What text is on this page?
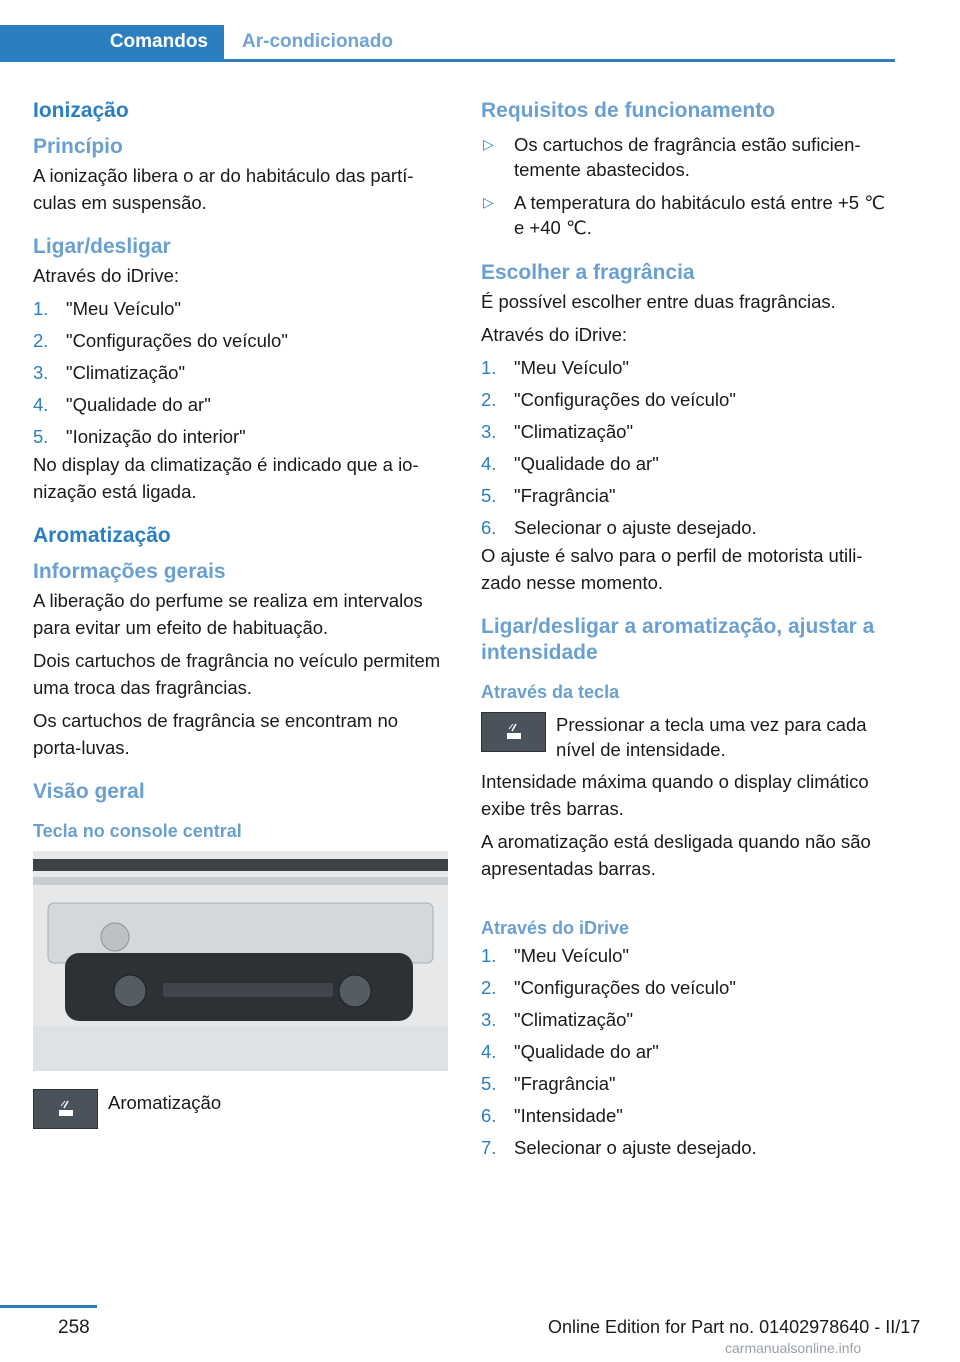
Comandos	Ar-condicionado
Ionização
Princípio
A ionização libera o ar do habitáculo das partículas em suspensão.
Ligar/desligar
Através do iDrive:
1. "Meu Veículo"
2. "Configurações do veículo"
3. "Climatização"
4. "Qualidade do ar"
5. "Ionização do interior"
No display da climatização é indicado que a ionização está ligada.
Aromatização
Informações gerais
A liberação do perfume se realiza em intervalos para evitar um efeito de habituação.
Dois cartuchos de fragrância no veículo permitem uma troca das fragrâncias.
Os cartuchos de fragrância se encontram no porta-luvas.
Visão geral
Tecla no console central
Aromatização
Requisitos de funcionamento
▷ Os cartuchos de fragrância estão suficientemente abastecidos.
▷ A temperatura do habitáculo está entre +5 ℃ e +40 ℃.
Escolher a fragrância
É possível escolher entre duas fragrâncias.
Através do iDrive:
1. "Meu Veículo"
2. "Configurações do veículo"
3. "Climatização"
4. "Qualidade do ar"
5. "Fragrância"
6. Selecionar o ajuste desejado.
O ajuste é salvo para o perfil de motorista utilizado nesse momento.
Ligar/desligar a aromatização, ajustar a intensidade
Através da tecla
Pressionar a tecla uma vez para cada nível de intensidade.
Intensidade máxima quando o display climático exibe três barras.
A aromatização está desligada quando não são apresentadas barras.
Através do iDrive
1. "Meu Veículo"
2. "Configurações do veículo"
3. "Climatização"
4. "Qualidade do ar"
5. "Fragrância"
6. "Intensidade"
7. Selecionar o ajuste desejado.
258	Online Edition for Part no. 01402978640 - II/17
carmanualsonline.info
